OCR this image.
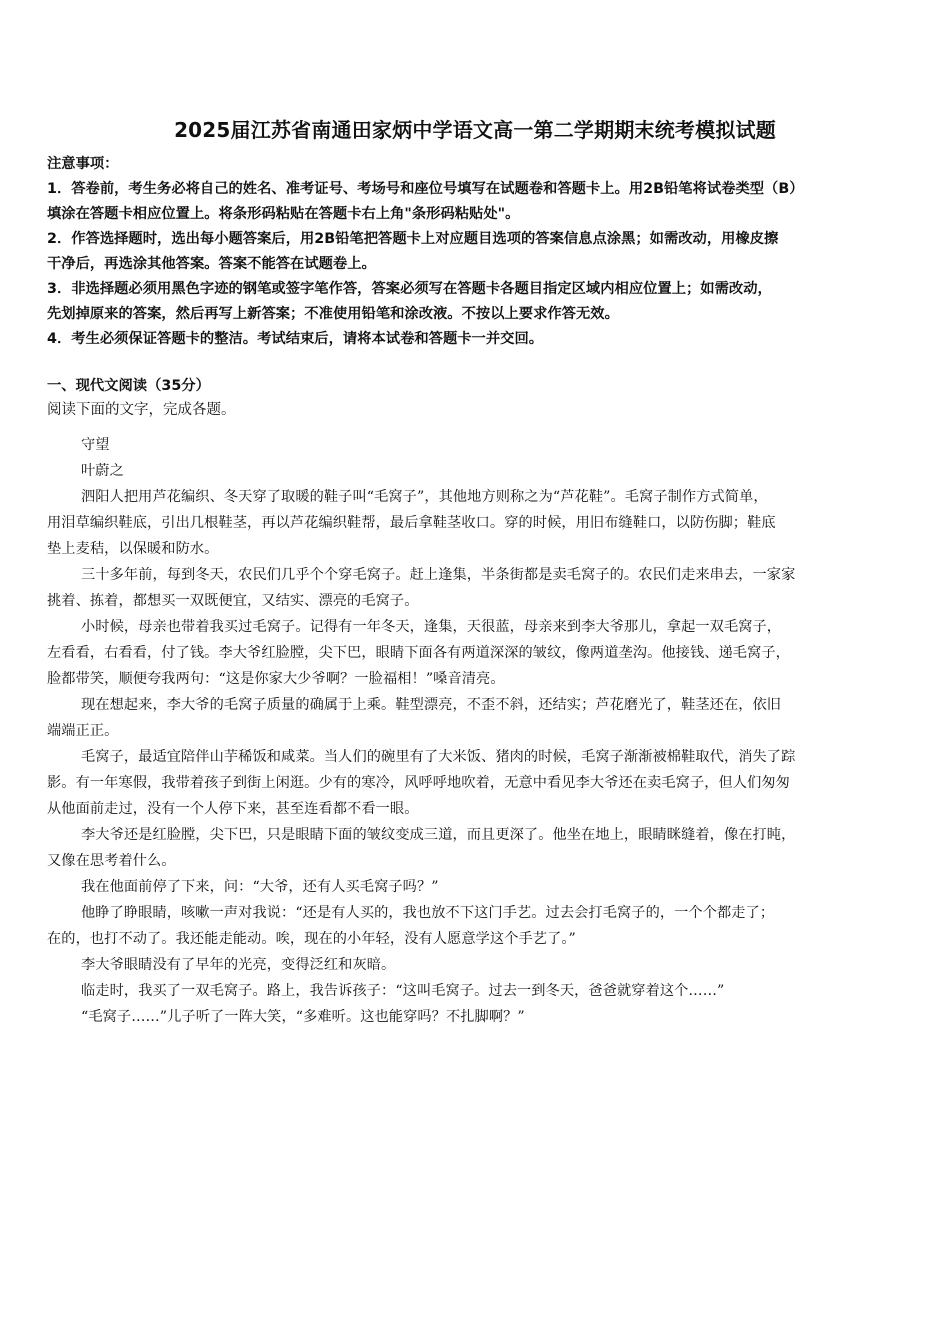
2025届江苏省南通田家炳中学语文高一第二学期期末统考模拟试题
注意事项：
1．答卷前，考生务必将自己的姓名、准考证号、考场号和座位号填写在试题卷和答题卡上。用2B铅笔将试卷类型（B）
填涂在答题卡相应位置上。将条形码粘贴在答题卡右上角"条形码粘贴处"。
2．作答选择题时，选出每小题答案后，用2B铅笔把答题卡上对应题目选项的答案信息点涂黑；如需改动，用橡皮擦
干净后，再选涂其他答案。答案不能答在试题卷上。
3．非选择题必须用黑色字迹的钢笔或签字笔作答，答案必须写在答题卡各题目指定区域内相应位置上；如需改动，
先划掉原来的答案，然后再写上新答案；不准使用铅笔和涂改液。不按以上要求作答无效。
4．考生必须保证答题卡的整洁。考试结束后，请将本试卷和答题卡一并交回。
一、现代文阅读（35分）
阅读下面的文字，完成各题。
守望
叶蔚之
泗阳人把用芦花编织、冬天穿了取暖的鞋子叫“毛窝子”，其他地方则称之为“芦花鞋”。毛窝子制作方式简单，
用泪草编织鞋底，引出几根鞋茎，再以芦花编织鞋帮，最后拿鞋茎收口。穿的时候，用旧布缝鞋口，以防伤脚；鞋底
垫上麦秸，以保暖和防水。
三十多年前，每到冬天，农民们几乎个个穿毛窝子。赶上逢集，半条街都是卖毛窝子的。农民们走来串去，一家家
挑着、拣着，都想买一双既便宜，又结实、漂亮的毛窝子。
小时候，母亲也带着我买过毛窝子。记得有一年冬天，逢集，天很蓝，母亲来到李大爷那儿，拿起一双毛窝子，
左看看，右看看，付了钱。李大爷红脸膛，尖下巴，眼睛下面各有两道深深的皱纹，像两道垄沟。他接钱、递毛窝子，
脸都带笑，顺便夸我两句：“这是你家大少爷啊？一脸福相！”嗓音清亮。
现在想起来，李大爷的毛窝子质量的确属于上乘。鞋型漂亮，不歪不斜，还结实；芦花磨光了，鞋茎还在，依旧
端端正正。
毛窝子，最适宜陪伴山芋稀饭和咸菜。当人们的碗里有了大米饭、猪肉的时候，毛窝子渐渐被棉鞋取代，消失了踪
影。有一年寒假，我带着孩子到街上闲逛。少有的寒冷，风呼呼地吹着，无意中看见李大爷还在卖毛窝子，但人们匆匆
从他面前走过，没有一个人停下来，甚至连看都不看一眼。
李大爷还是红脸膛，尖下巴，只是眼睛下面的皱纹变成三道，而且更深了。他坐在地上，眼睛眯缝着，像在打盹，
又像在思考着什么。
我在他面前停了下来，问：“大爷，还有人买毛窝子吗？”
他睁了睁眼睛，咳嗽一声对我说：“还是有人买的，我也放不下这门手艺。过去会打毛窝子的，一个个都走了；
在的，也打不动了。我还能走能动。唉，现在的小年轻，没有人愿意学这个手艺了。”
李大爷眼睛没有了早年的光亮，变得泛红和灰暗。
临走时，我买了一双毛窝子。路上，我告诉孩子：“这叫毛窝子。过去一到冬天，爸爸就穿着这个……”
“毛窝子……”儿子听了一阵大笑，“多难听。这也能穿吗？不扎脚啊？”
